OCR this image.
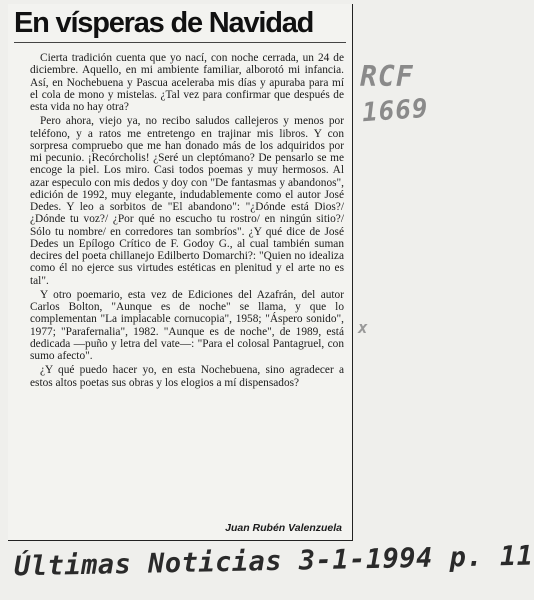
En vísperas de Navidad

Cierta tradición cuenta que yo nací, con noche cerrada, un 24 de diciembre. Aquello, en mi ambiente familiar, alborotó mi infancia. Así, en Nochebuena y Pascua aceleraba mis días y apuraba para mí el cola de mono y mistelas. ¿Tal vez para confirmar que después de esta vida no hay otra?

Pero ahora, viejo ya, no recibo saludos callejeros y menos por teléfono, y a ratos me entretengo en trajinar mis libros. Y con sorpresa compruebo que me han donado más de los adquiridos por mi pecunio. ¡Recórcholis! ¿Seré un cleptómano? De pensarlo se me encoge la piel. Los miro. Casi todos poemas y muy hermosos. Al azar especulo con mis dedos y doy con "De fantasmas y abandonos", edición de 1992, muy elegante, indudablemente como el autor José Dedes. Y leo a sorbitos de "El abandono": "¿Dónde está Dios?/ ¿Dónde tu voz?/ ¿Por qué no escucho tu rostro/ en ningún sitio?/ Sólo tu nombre/ en corredores tan sombríos". ¿Y qué dice de José Dedes un Epílogo Crítico de F. Godoy G., al cual también suman decires del poeta chillanejo Edilberto Domarchi?: "Quien no idealiza como él no ejerce sus virtudes estéticas en plenitud y el arte no es tal".

Y otro poemario, esta vez de Ediciones del Azafrán, del autor Carlos Bolton, "Aunque es de noche" se llama, y que lo complementan "La implacable cornucopia", 1958; "Áspero sonido", 1977; "Parafernalia", 1982. "Aunque es de noche", de 1989, está dedicada —puño y letra del vate—: "Para el colosal Pantagruel, con sumo afecto".

¿Y qué puedo hacer yo, en esta Nochebuena, sino agradecer a estos altos poetas sus obras y los elogios a mí dispensados?

Juan Rubén Valenzuela
RCF
1669
x
Últimas Noticias 3-1-1994 p. 11
